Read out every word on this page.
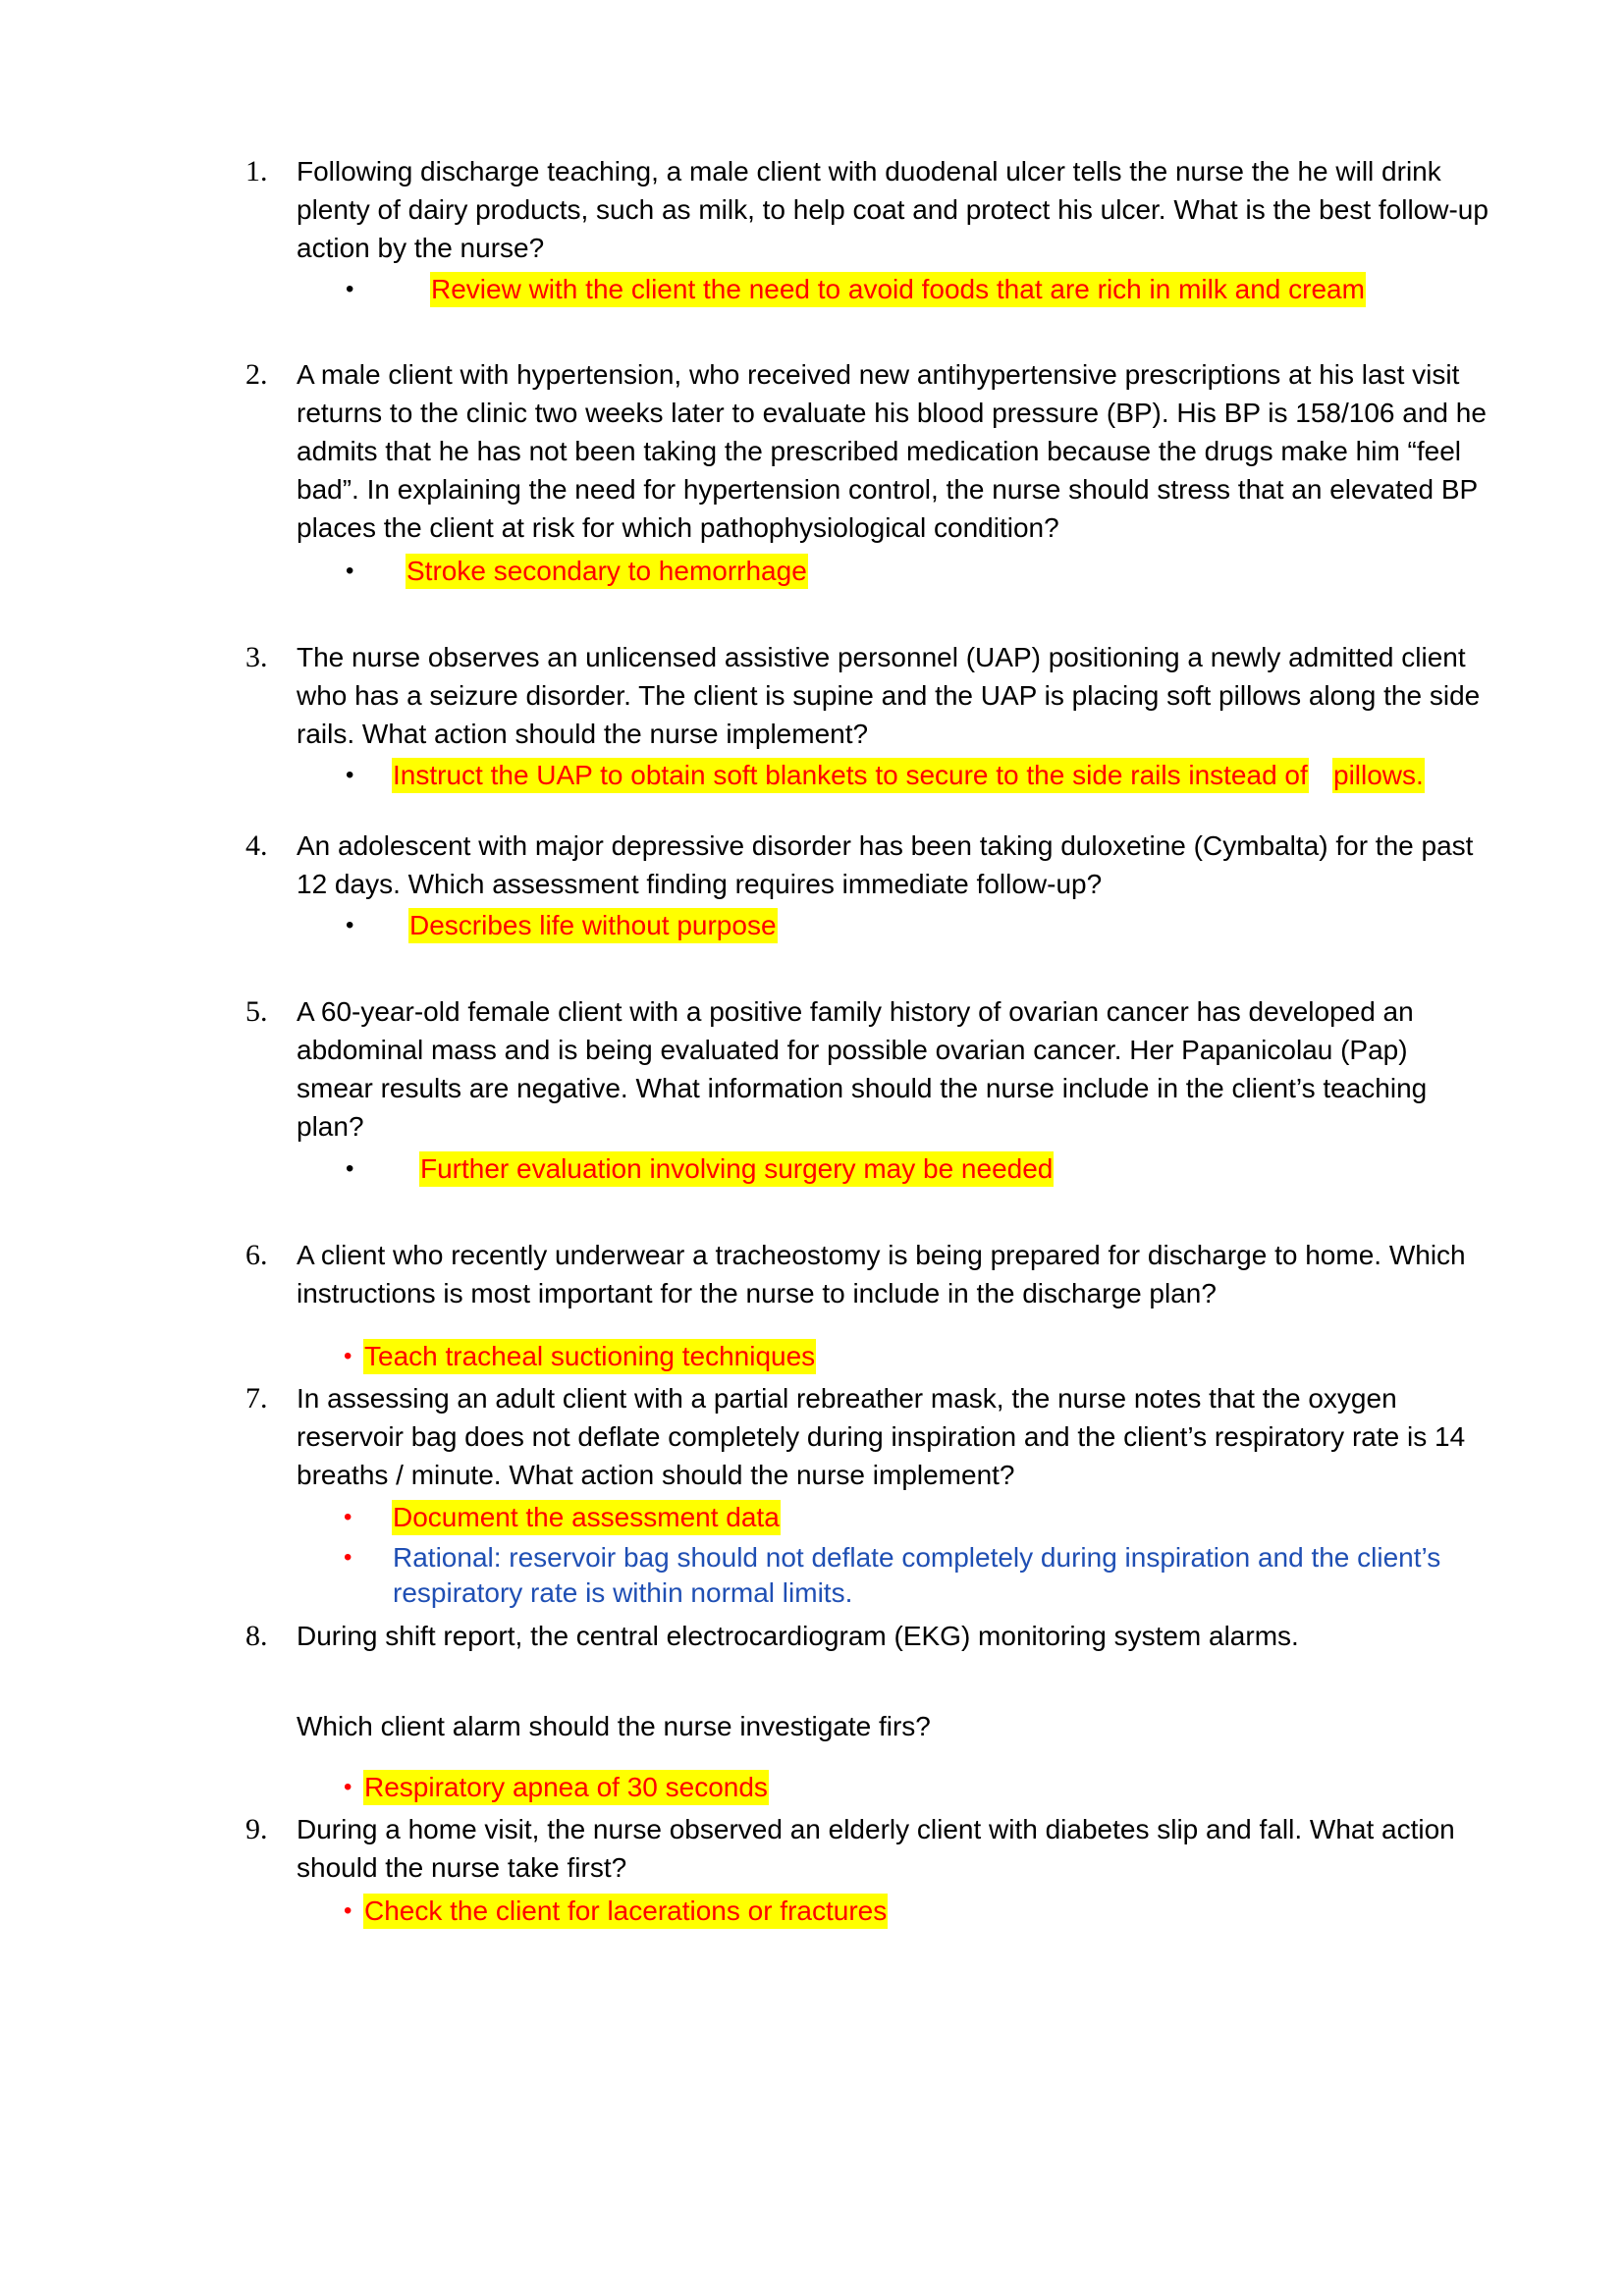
1. Following discharge teaching, a male client with duodenal ulcer tells the nurse the he will drink plenty of dairy products, such as milk, to help coat and protect his ulcer. What is the best follow-up action by the nurse?
•	Review with the client the need to avoid foods that are rich in milk and cream
2. A male client with hypertension, who received new antihypertensive prescriptions at his last visit returns to the clinic two weeks later to evaluate his blood pressure (BP). His BP is 158/106 and he admits that he has not been taking the prescribed medication because the drugs make him “feel bad”. In explaining the need for hypertension control, the nurse should stress that an elevated BP places the client at risk for which pathophysiological condition?
• Stroke secondary to hemorrhage
3. The nurse observes an unlicensed assistive personnel (UAP) positioning a newly admitted client who has a seizure disorder. The client is supine and the UAP is placing soft pillows along the side rails. What action should the nurse implement?
• Instruct the UAP to obtain soft blankets to secure to the side rails instead of pillows.
4. An adolescent with major depressive disorder has been taking duloxetine (Cymbalta) for the past 12 days. Which assessment finding requires immediate follow-up?
• Describes life without purpose
5. A 60-year-old female client with a positive family history of ovarian cancer has developed an abdominal mass and is being evaluated for possible ovarian cancer. Her Papanicolau (Pap) smear results are negative. What information should the nurse include in the client’s teaching plan?
• Further evaluation involving surgery may be needed
6. A client who recently underwear a tracheostomy is being prepared for discharge to home. Which instructions is most important for the nurse to include in the discharge plan?
• Teach tracheal suctioning techniques
7. In assessing an adult client with a partial rebreather mask, the nurse notes that the oxygen reservoir bag does not deflate completely during inspiration and the client’s respiratory rate is 14 breaths / minute. What action should the nurse implement?
• Document the assessment data
• Rational: reservoir bag should not deflate completely during inspiration and the client’s respiratory rate is within normal limits.
8. During shift report, the central electrocardiogram (EKG) monitoring system alarms.
Which client alarm should the nurse investigate firs?
• Respiratory apnea of 30 seconds
9. During a home visit, the nurse observed an elderly client with diabetes slip and fall. What action should the nurse take first?
• Check the client for lacerations or fractures
